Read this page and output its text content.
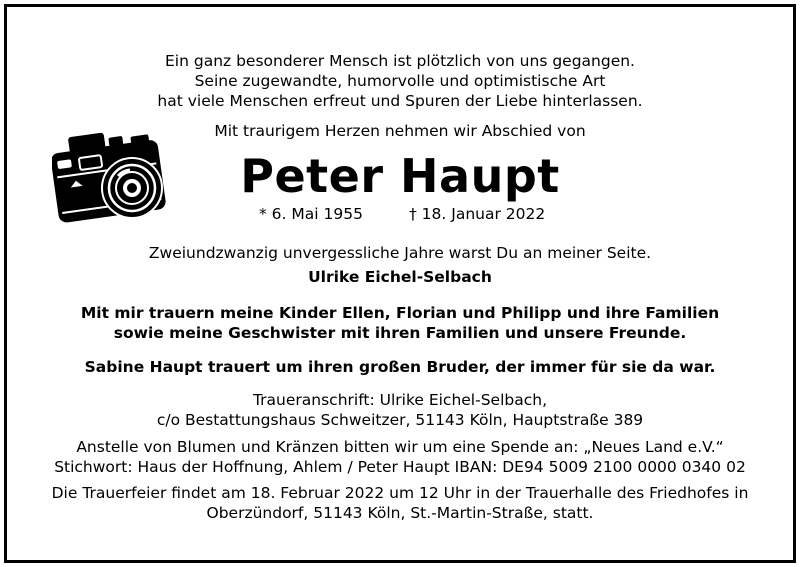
Ein ganz besonderer Mensch ist plötzlich von uns gegangen.
Seine zugewandte, humorvolle und optimistische Art
hat viele Menschen erfreut und Spuren der Liebe hinterlassen.
Mit traurigem Herzen nehmen wir Abschied von
Peter Haupt
* 6. Mai 1955	† 18. Januar 2022
Zweiundzwanzig unvergessliche Jahre warst Du an meiner Seite.
Ulrike Eichel-Selbach
Mit mir trauern meine Kinder Ellen, Florian und Philipp und ihre Familien
sowie meine Geschwister mit ihren Familien und unsere Freunde.
Sabine Haupt trauert um ihren großen Bruder, der immer für sie da war.
Traueranschrift: Ulrike Eichel-Selbach,
c/o Bestattungshaus Schweitzer, 51143 Köln, Hauptstraße 389
Anstelle von Blumen und Kränzen bitten wir um eine Spende an: „Neues Land e.V.“
Stichwort: Haus der Hoffnung, Ahlem / Peter Haupt IBAN: DE94 5009 2100 0000 0340 02
Die Trauerfeier findet am 18. Februar 2022 um 12 Uhr in der Trauerhalle des Friedhofes in
Oberzündorf, 51143 Köln, St.-Martin-Straße, statt.
